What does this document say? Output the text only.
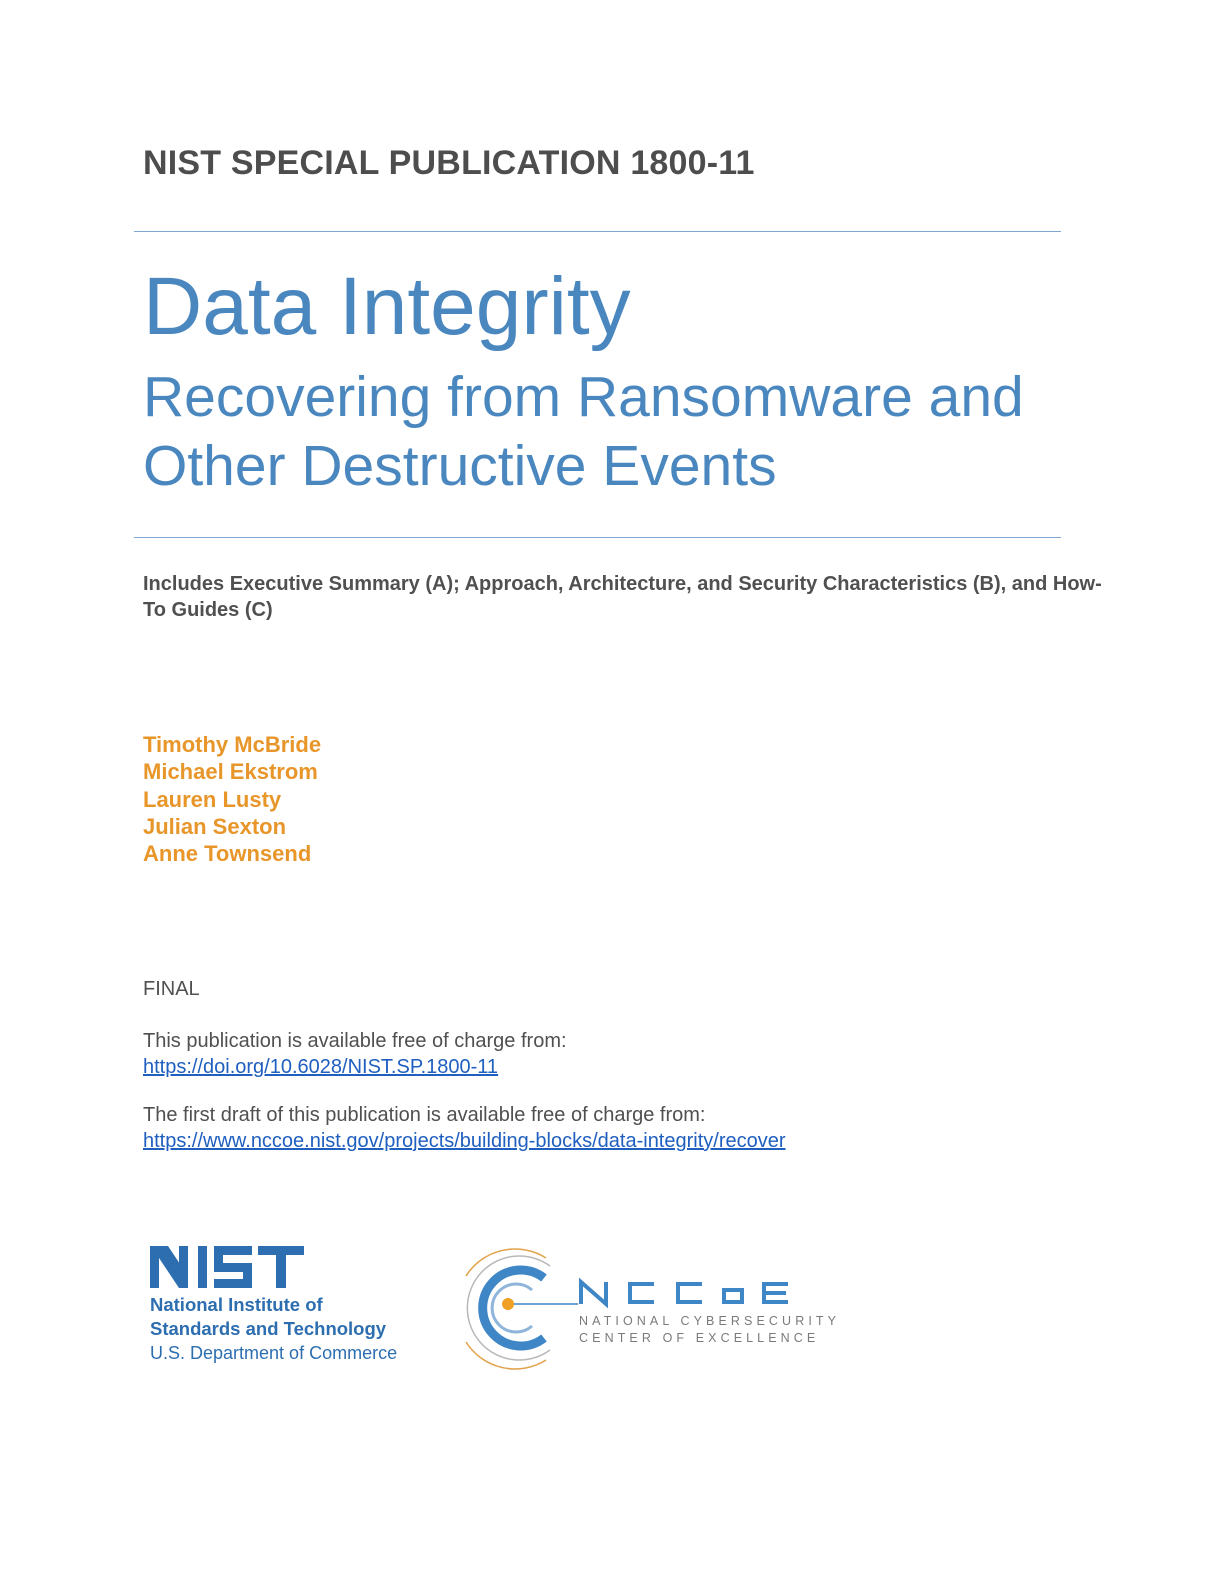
NIST SPECIAL PUBLICATION 1800-11
Data Integrity
Recovering from Ransomware and Other Destructive Events
Includes Executive Summary (A); Approach, Architecture, and Security Characteristics (B), and How-To Guides (C)
Timothy McBride
Michael Ekstrom
Lauren Lusty
Julian Sexton
Anne Townsend
FINAL
This publication is available free of charge from:
https://doi.org/10.6028/NIST.SP.1800-11
The first draft of this publication is available free of charge from:
https://www.nccoe.nist.gov/projects/building-blocks/data-integrity/recover
National Institute of
Standards and Technology
U.S. Department of Commerce
NATIONAL CYBERSECURITY
CENTER OF EXCELLENCE
